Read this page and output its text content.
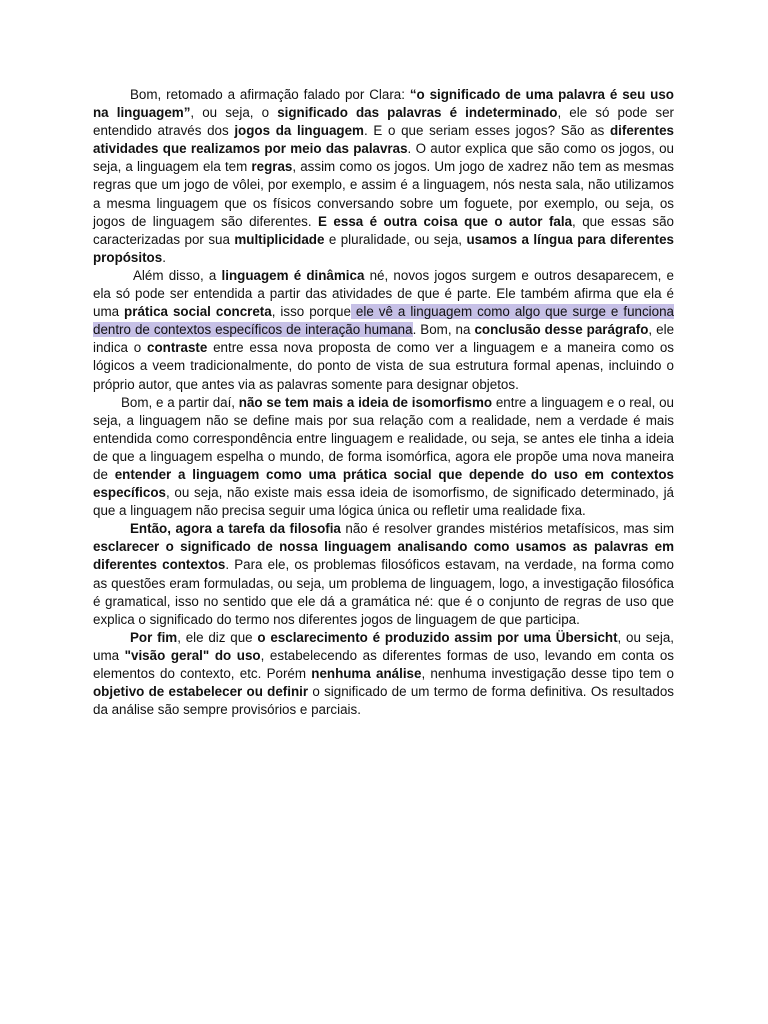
Bom, retomado a afirmação falado por Clara: “o significado de uma palavra é seu uso na linguagem”, ou seja, o significado das palavras é indeterminado, ele só pode ser entendido através dos jogos da linguagem. E o que seriam esses jogos? São as diferentes atividades que realizamos por meio das palavras. O autor explica que são como os jogos, ou seja, a linguagem ela tem regras, assim como os jogos. Um jogo de xadrez não tem as mesmas regras que um jogo de vôlei, por exemplo, e assim é a linguagem, nós nesta sala, não utilizamos a mesma linguagem que os físicos conversando sobre um foguete, por exemplo, ou seja, os jogos de linguagem são diferentes. E essa é outra coisa que o autor fala, que essas são caracterizadas por sua multiplicidade e pluralidade, ou seja, usamos a língua para diferentes propósitos.

Além disso, a linguagem é dinâmica né, novos jogos surgem e outros desaparecem, e ela só pode ser entendida a partir das atividades de que é parte. Ele também afirma que ela é uma prática social concreta, isso porque ele vê a linguagem como algo que surge e funciona dentro de contextos específicos de interação humana. Bom, na conclusão desse parágrafo, ele indica o contraste entre essa nova proposta de como ver a linguagem e a maneira como os lógicos a veem tradicionalmente, do ponto de vista de sua estrutura formal apenas, incluindo o próprio autor, que antes via as palavras somente para designar objetos.

Bom, e a partir daí, não se tem mais a ideia de isomorfismo entre a linguagem e o real, ou seja, a linguagem não se define mais por sua relação com a realidade, nem a verdade é mais entendida como correspondência entre linguagem e realidade, ou seja, se antes ele tinha a ideia de que a linguagem espelha o mundo, de forma isomórfica, agora ele propõe uma nova maneira de entender a linguagem como uma prática social que depende do uso em contextos específicos, ou seja, não existe mais essa ideia de isomorfismo, de significado determinado, já que a linguagem não precisa seguir uma lógica única ou refletir uma realidade fixa.

Então, agora a tarefa da filosofia não é resolver grandes mistérios metafísicos, mas sim esclarecer o significado de nossa linguagem analisando como usamos as palavras em diferentes contextos. Para ele, os problemas filosóficos estavam, na verdade, na forma como as questões eram formuladas, ou seja, um problema de linguagem, logo, a investigação filosófica é gramatical, isso no sentido que ele dá a gramática né: que é o conjunto de regras de uso que explica o significado do termo nos diferentes jogos de linguagem de que participa.

Por fim, ele diz que o esclarecimento é produzido assim por uma Übersicht, ou seja, uma "visão geral" do uso, estabelecendo as diferentes formas de uso, levando em conta os elementos do contexto, etc. Porém nenhuma análise, nenhuma investigação desse tipo tem o objetivo de estabelecer ou definir o significado de um termo de forma definitiva. Os resultados da análise são sempre provisórios e parciais.
